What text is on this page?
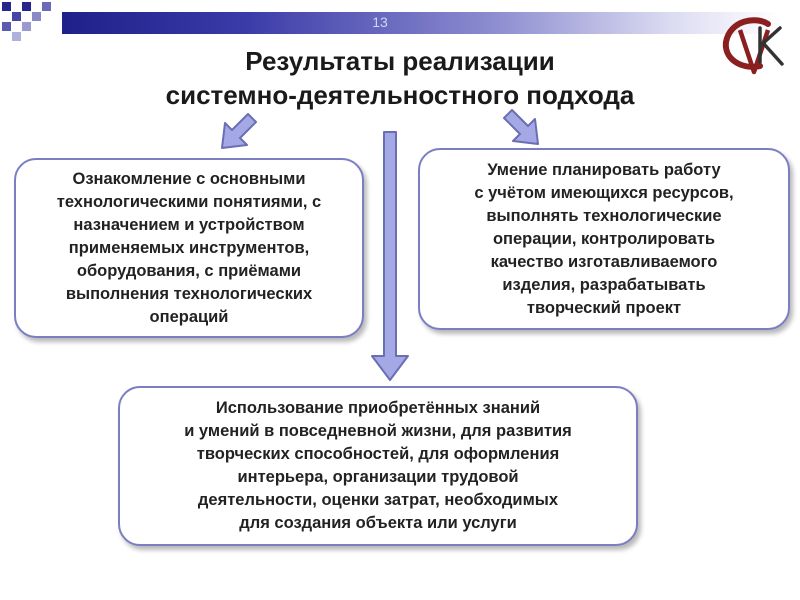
13
Результаты реализации
системно-деятельностного подхода
Ознакомление с основными
технологическими понятиями, с
назначением и устройством
применяемых инструментов,
оборудования, с приёмами
выполнения технологических
операций
Умение планировать работу
с учётом имеющихся ресурсов,
выполнять технологические
операции, контролировать
качество изготавливаемого
изделия, разрабатывать
творческий проект
Использование приобретённых знаний
и умений в повседневной жизни, для развития
творческих способностей, для оформления
интерьера, организации трудовой
деятельности, оценки затрат, необходимых
для создания объекта или услуги
